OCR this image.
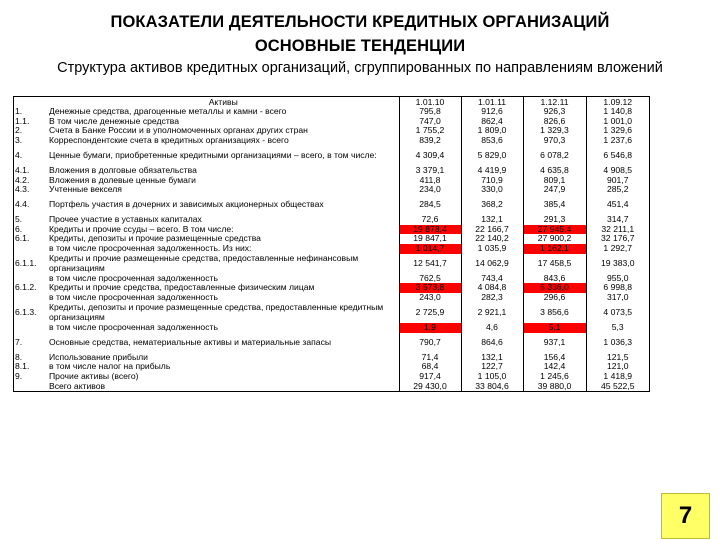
ПОКАЗАТЕЛИ ДЕЯТЕЛЬНОСТИ КРЕДИТНЫХ ОРГАНИЗАЦИЙ
ОСНОВНЫЕ ТЕНДЕНЦИИ
Структура активов кредитных организаций, сгруппированных по направлениям вложений
	Активы	1.01.10	1.01.11	1.12.11	1.09.12
1.	Денежные средства, драгоценные металлы и камни - всего	795,8	912,6	926,3	1 140,8
1.1.	В том числе денежные средства	747,0	862,4	826,6	1 001,0
2.	Счета в Банке России и в уполномоченных органах других стран	1 755,2	1 809,0	1 329,3	1 329,6
3.	Корреспондентские счета в кредитных организациях - всего	839,2	853,6	970,3	1 237,6
4.	Ценные бумаги, приобретенные кредитными организациями – всего, в том числе:	4 309,4	5 829,0	6 078,2	6 546,8
4.1.	Вложения в долговые обязательства	3 379,1	4 419,9	4 635,8	4 908,5
4.2.	Вложения в долевые ценные бумаги	411,8	710,9	809,1	901,7
4.3.	Учтенные векселя	234,0	330,0	247,9	285,2
4.4.	Портфель участия в дочерних и зависимых акционерных обществах	284,5	368,2	385,4	451,4
5.	Прочее участие в уставных капиталах	72,6	132,1	291,3	314,7
6.	Кредиты и прочие ссуды – всего. В том числе:	19 878,4	22 166,7	27 945,4	32 211,1
6.1.	Кредиты, депозиты и прочие размещенные средства	19 847,1	22 140,2	27 900,2	32 176,7
	в том числе просроченная задолженность. Из них:	1 014,7	1 035,9	1 162,1	1 292,7
6.1.1.	Кредиты и прочие размещенные средства, предоставленные нефинансовым организациям	12 541,7	14 062,9	17 458,5	19 383,0
	в том числе просроченная задолженность	762,5	743,4	843,6	955,0
6.1.2.	Кредиты и прочие средства, предоставленные физическим лицам	3 573,8	4 084,8	5 336,0	6 998,8
	в том числе просроченная задолженность	243,0	282,3	296,6	317,0
6.1.3.	Кредиты, депозиты и прочие размещенные средства, предоставленные кредитным организациям	2 725,9	2 921,1	3 856,6	4 073,5
	в том числе просроченная задолженность	1,9	4,6	5,1	5,3
7.	Основные средства, нематериальные активы и материальные запасы	790,7	864,6	937,1	1 036,3
8.	Использование прибыли	71,4	132,1	156,4	121,5
8.1.	в том числе налог на прибыль	68,4	122,7	142,4	121,0
9.	Прочие активы (всего)	917,4	1 105,0	1 245,6	1 418,9
	Всего активов	29 430,0	33 804,6	39 880,0	45 522,5
7
